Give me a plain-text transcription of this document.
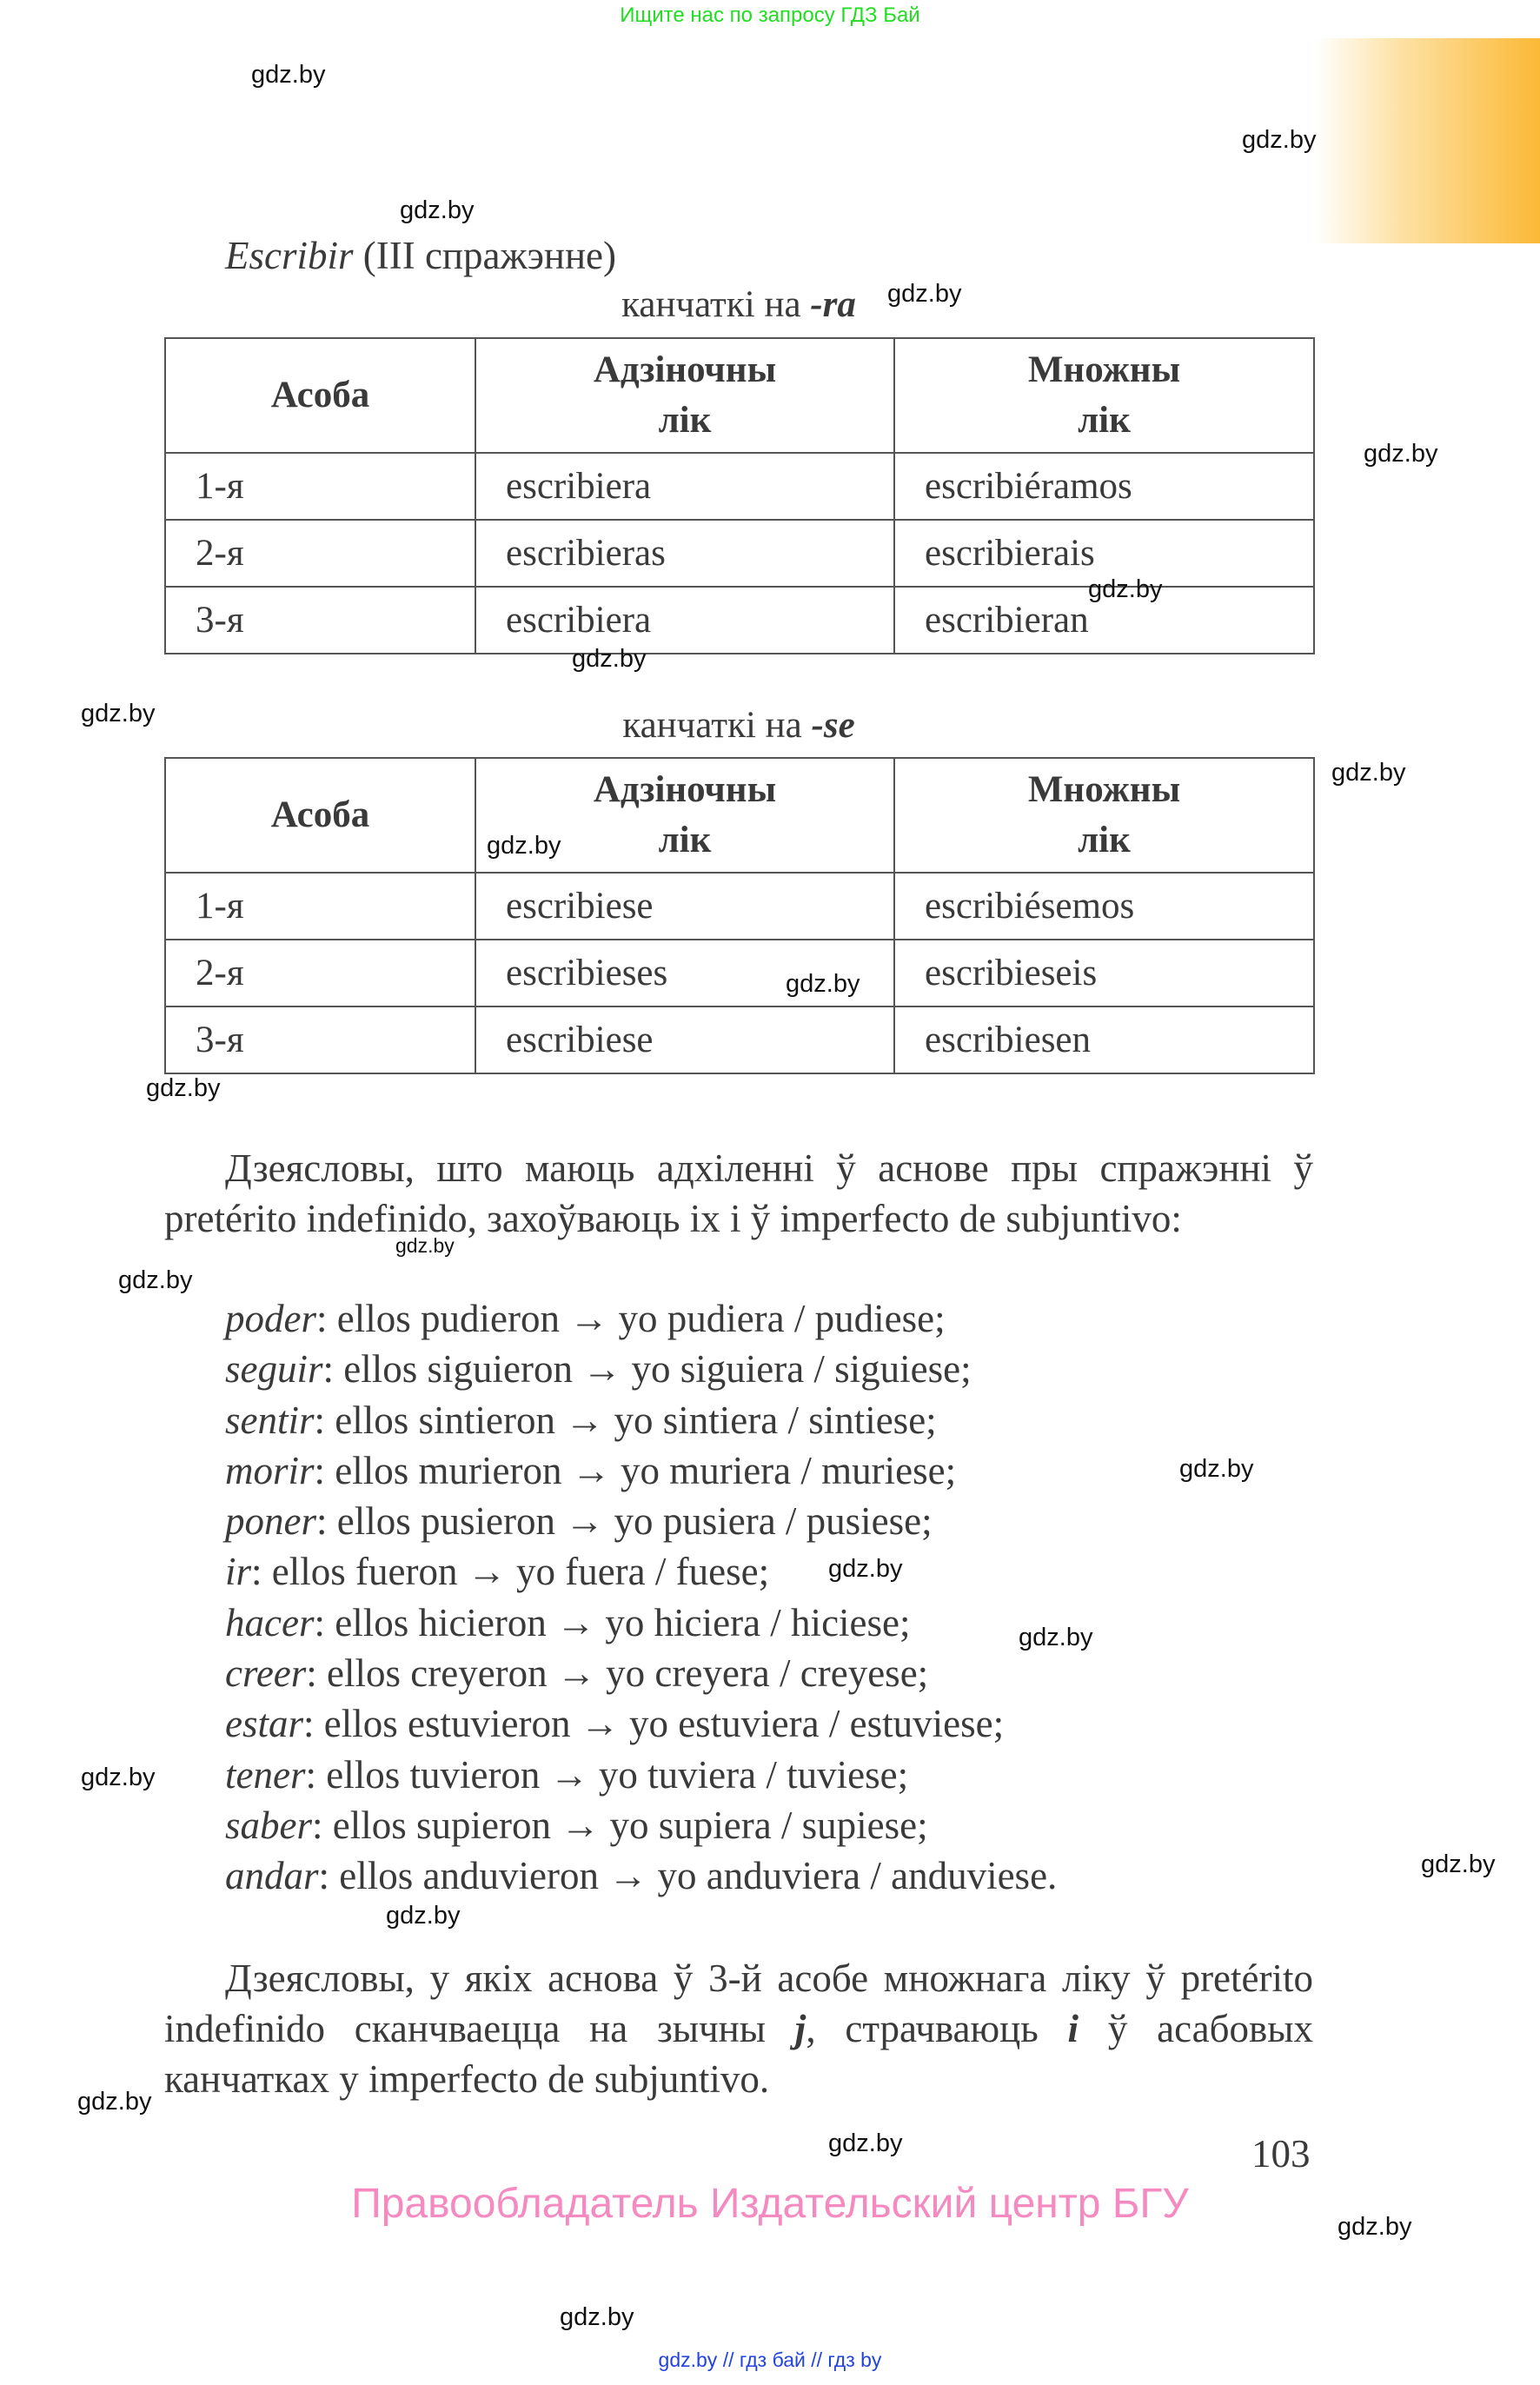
Ищите нас по запросу ГДЗ Бай
Escribir (III спражэнне)
канчаткі на -ra
Асоба	Адзіночны лік	Множны лік
1-я	escribiera	escribiéramos
2-я	escribieras	escribierais
3-я	escribiera	escribieran
канчаткі на -se
Асоба	Адзіночны лік	Множны лік
1-я	escribiese	escribiésemos
2-я	escribieses	escribieseis
3-я	escribiese	escribiesen
Дзеясловы, што маюць адхіленні ў аснове пры спражэнні ў pretérito indefinido, захоўваюць іх і ў imperfecto de subjuntivo:
poder: ellos pudieron → yo pudiera / pudiese;
seguir: ellos siguieron → yo siguiera / siguiese;
sentir: ellos sintieron → yo sintiera / sintiese;
morir: ellos murieron → yo muriera / muriese;
poner: ellos pusieron → yo pusiera / pusiese;
ir: ellos fueron → yo fuera / fuese;
hacer: ellos hicieron → yo hiciera / hiciese;
creer: ellos creyeron → yo creyera / creyese;
estar: ellos estuvieron → yo estuviera / estuviese;
tener: ellos tuvieron → yo tuviera / tuviese;
saber: ellos supieron → yo supiera / supiese;
andar: ellos anduvieron → yo anduviera / anduviese.
Дзеясловы, у якіх аснова ў 3-й асобе множнага ліку ў pretérito indefinido сканчваецца на зычны j, страчваюць i ў асабовых канчатках у imperfecto de subjuntivo.
103
Правообладатель Издательский центр БГУ
gdz.by // гдз бай // гдз by
gdz.by
gdz.by
gdz.by
gdz.by
gdz.by
gdz.by
gdz.by
gdz.by
gdz.by
gdz.by
gdz.by
gdz.by
gdz.by
gdz.by
gdz.by
gdz.by
gdz.by
gdz.by
gdz.by
gdz.by
gdz.by
gdz.by
gdz.by
gdz.by
